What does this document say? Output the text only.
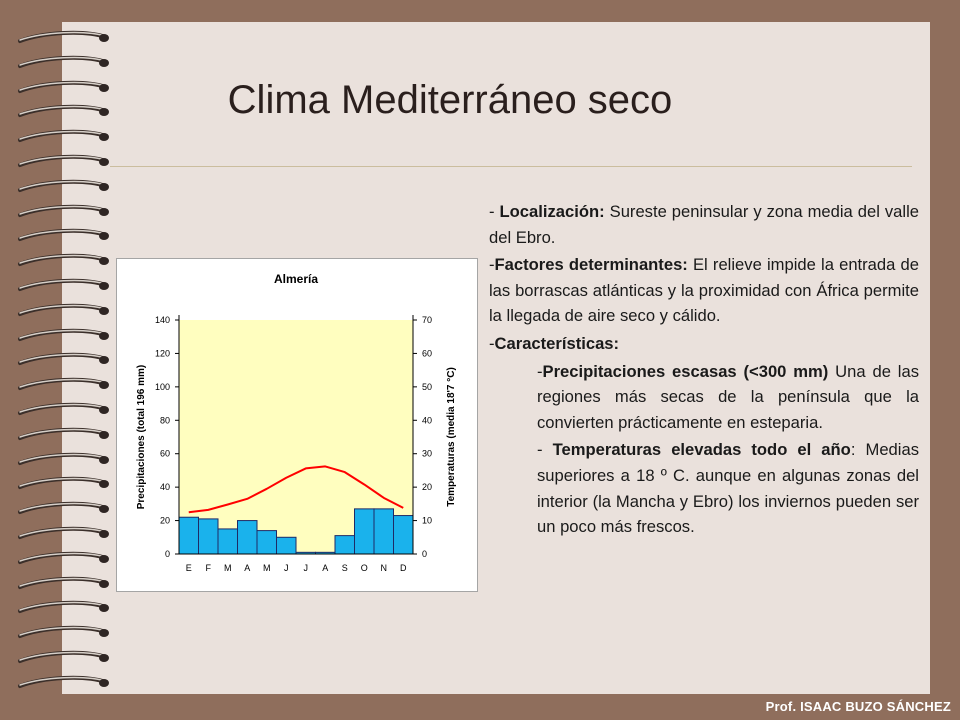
Clima Mediterráneo seco
Almería
0
20
40
60
80
100
120
140
0
10
20
30
40
50
60
70
E F M A M J J A S O N D
Precipitaciones (total 196 mm)	Temperaturas (media 18'7 °C)

- Localización: Sureste peninsular y zona media del valle del Ebro.

-Factores determinantes: El relieve impide la entrada de las borrascas atlánticas y la proximidad con África permite la llegada de aire seco y cálido.

-Características:

-Precipitaciones escasas (<300 mm) Una de las regiones más secas de la península que la convierten prácticamente en esteparia.

- Temperaturas elevadas todo el año: Medias superiores a 18 º C. aunque en algunas zonas del interior (la Mancha y Ebro) los inviernos pueden ser un poco más frescos.

Prof. ISAAC BUZO SÁNCHEZ
